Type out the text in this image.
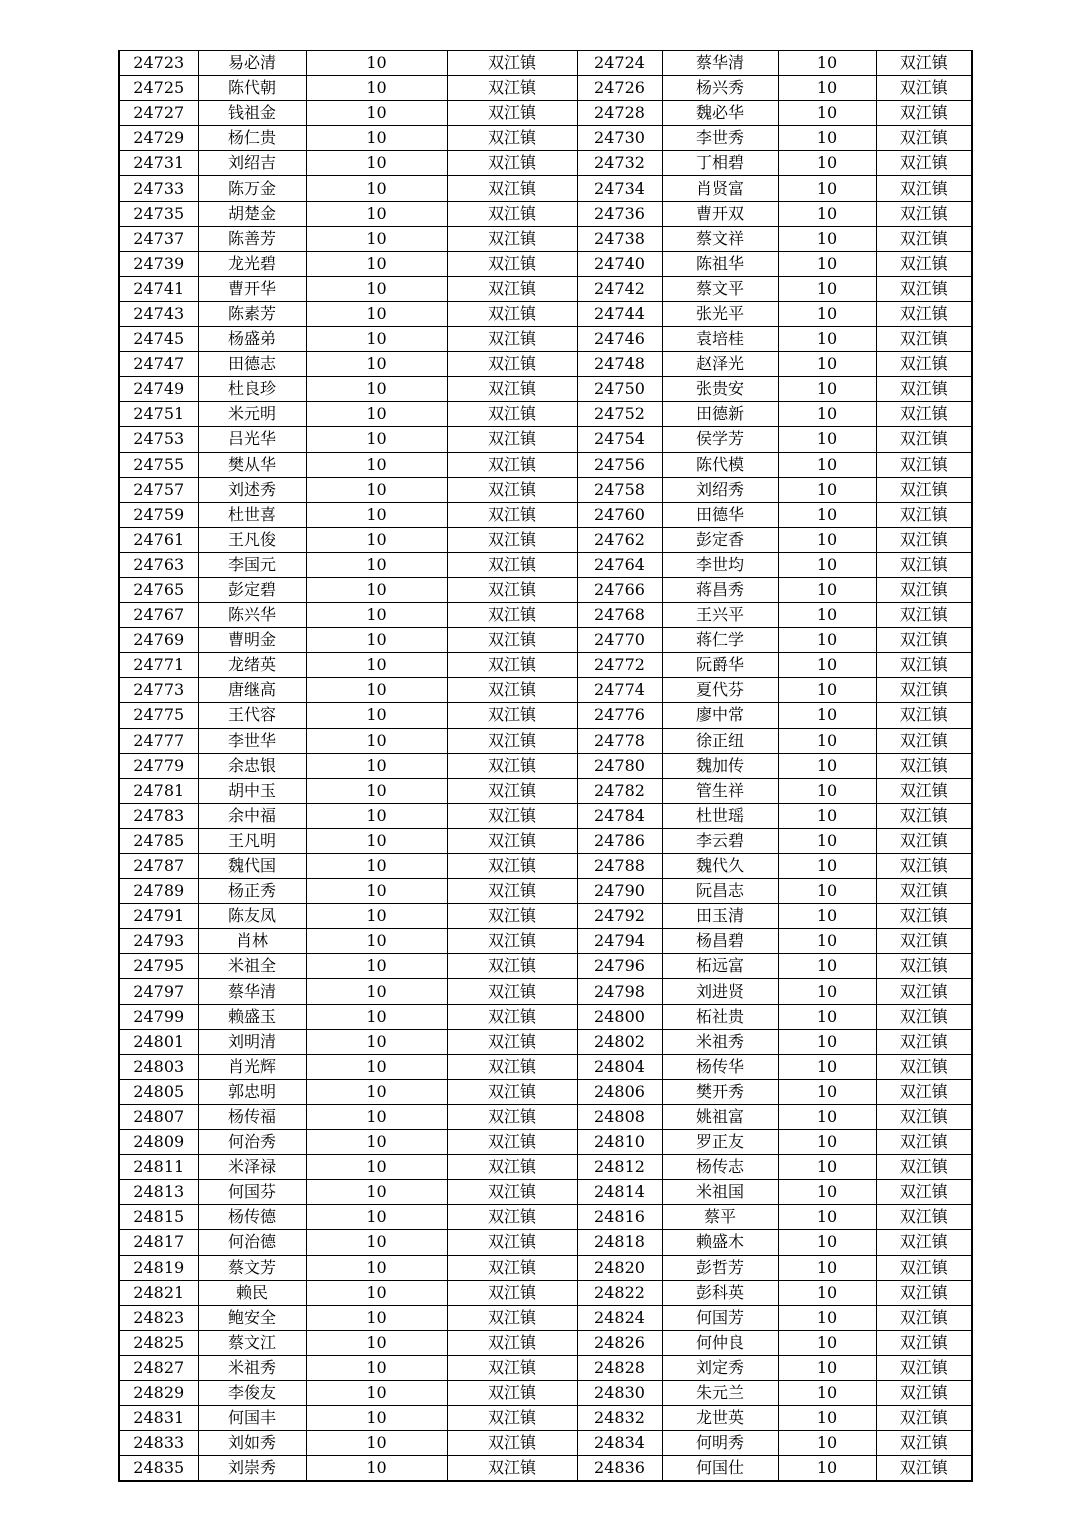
24723	易必清	10	双江镇	24724	蔡华清	10	双江镇
24725	陈代朝	10	双江镇	24726	杨兴秀	10	双江镇
24727	钱祖金	10	双江镇	24728	魏必华	10	双江镇
24729	杨仁贵	10	双江镇	24730	李世秀	10	双江镇
24731	刘绍吉	10	双江镇	24732	丁相碧	10	双江镇
24733	陈万金	10	双江镇	24734	肖贤富	10	双江镇
24735	胡楚金	10	双江镇	24736	曹开双	10	双江镇
24737	陈善芳	10	双江镇	24738	蔡文祥	10	双江镇
24739	龙光碧	10	双江镇	24740	陈祖华	10	双江镇
24741	曹开华	10	双江镇	24742	蔡文平	10	双江镇
24743	陈素芳	10	双江镇	24744	张光平	10	双江镇
24745	杨盛弟	10	双江镇	24746	袁培桂	10	双江镇
24747	田德志	10	双江镇	24748	赵泽光	10	双江镇
24749	杜良珍	10	双江镇	24750	张贵安	10	双江镇
24751	米元明	10	双江镇	24752	田德新	10	双江镇
24753	吕光华	10	双江镇	24754	侯学芳	10	双江镇
24755	樊从华	10	双江镇	24756	陈代模	10	双江镇
24757	刘述秀	10	双江镇	24758	刘绍秀	10	双江镇
24759	杜世喜	10	双江镇	24760	田德华	10	双江镇
24761	王凡俊	10	双江镇	24762	彭定香	10	双江镇
24763	李国元	10	双江镇	24764	李世均	10	双江镇
24765	彭定碧	10	双江镇	24766	蒋昌秀	10	双江镇
24767	陈兴华	10	双江镇	24768	王兴平	10	双江镇
24769	曹明金	10	双江镇	24770	蒋仁学	10	双江镇
24771	龙绪英	10	双江镇	24772	阮爵华	10	双江镇
24773	唐继高	10	双江镇	24774	夏代芬	10	双江镇
24775	王代容	10	双江镇	24776	廖中常	10	双江镇
24777	李世华	10	双江镇	24778	徐正纽	10	双江镇
24779	余忠银	10	双江镇	24780	魏加传	10	双江镇
24781	胡中玉	10	双江镇	24782	管生祥	10	双江镇
24783	余中福	10	双江镇	24784	杜世瑶	10	双江镇
24785	王凡明	10	双江镇	24786	李云碧	10	双江镇
24787	魏代国	10	双江镇	24788	魏代久	10	双江镇
24789	杨正秀	10	双江镇	24790	阮昌志	10	双江镇
24791	陈友凤	10	双江镇	24792	田玉清	10	双江镇
24793	肖林	10	双江镇	24794	杨昌碧	10	双江镇
24795	米祖全	10	双江镇	24796	柘远富	10	双江镇
24797	蔡华清	10	双江镇	24798	刘进贤	10	双江镇
24799	赖盛玉	10	双江镇	24800	柘社贵	10	双江镇
24801	刘明清	10	双江镇	24802	米祖秀	10	双江镇
24803	肖光辉	10	双江镇	24804	杨传华	10	双江镇
24805	郭忠明	10	双江镇	24806	樊开秀	10	双江镇
24807	杨传福	10	双江镇	24808	姚祖富	10	双江镇
24809	何治秀	10	双江镇	24810	罗正友	10	双江镇
24811	米泽禄	10	双江镇	24812	杨传志	10	双江镇
24813	何国芬	10	双江镇	24814	米祖国	10	双江镇
24815	杨传德	10	双江镇	24816	蔡平	10	双江镇
24817	何治德	10	双江镇	24818	赖盛木	10	双江镇
24819	蔡文芳	10	双江镇	24820	彭哲芳	10	双江镇
24821	赖民	10	双江镇	24822	彭科英	10	双江镇
24823	鲍安全	10	双江镇	24824	何国芳	10	双江镇
24825	蔡文江	10	双江镇	24826	何仲良	10	双江镇
24827	米祖秀	10	双江镇	24828	刘定秀	10	双江镇
24829	李俊友	10	双江镇	24830	朱元兰	10	双江镇
24831	何国丰	10	双江镇	24832	龙世英	10	双江镇
24833	刘如秀	10	双江镇	24834	何明秀	10	双江镇
24835	刘崇秀	10	双江镇	24836	何国仕	10	双江镇
